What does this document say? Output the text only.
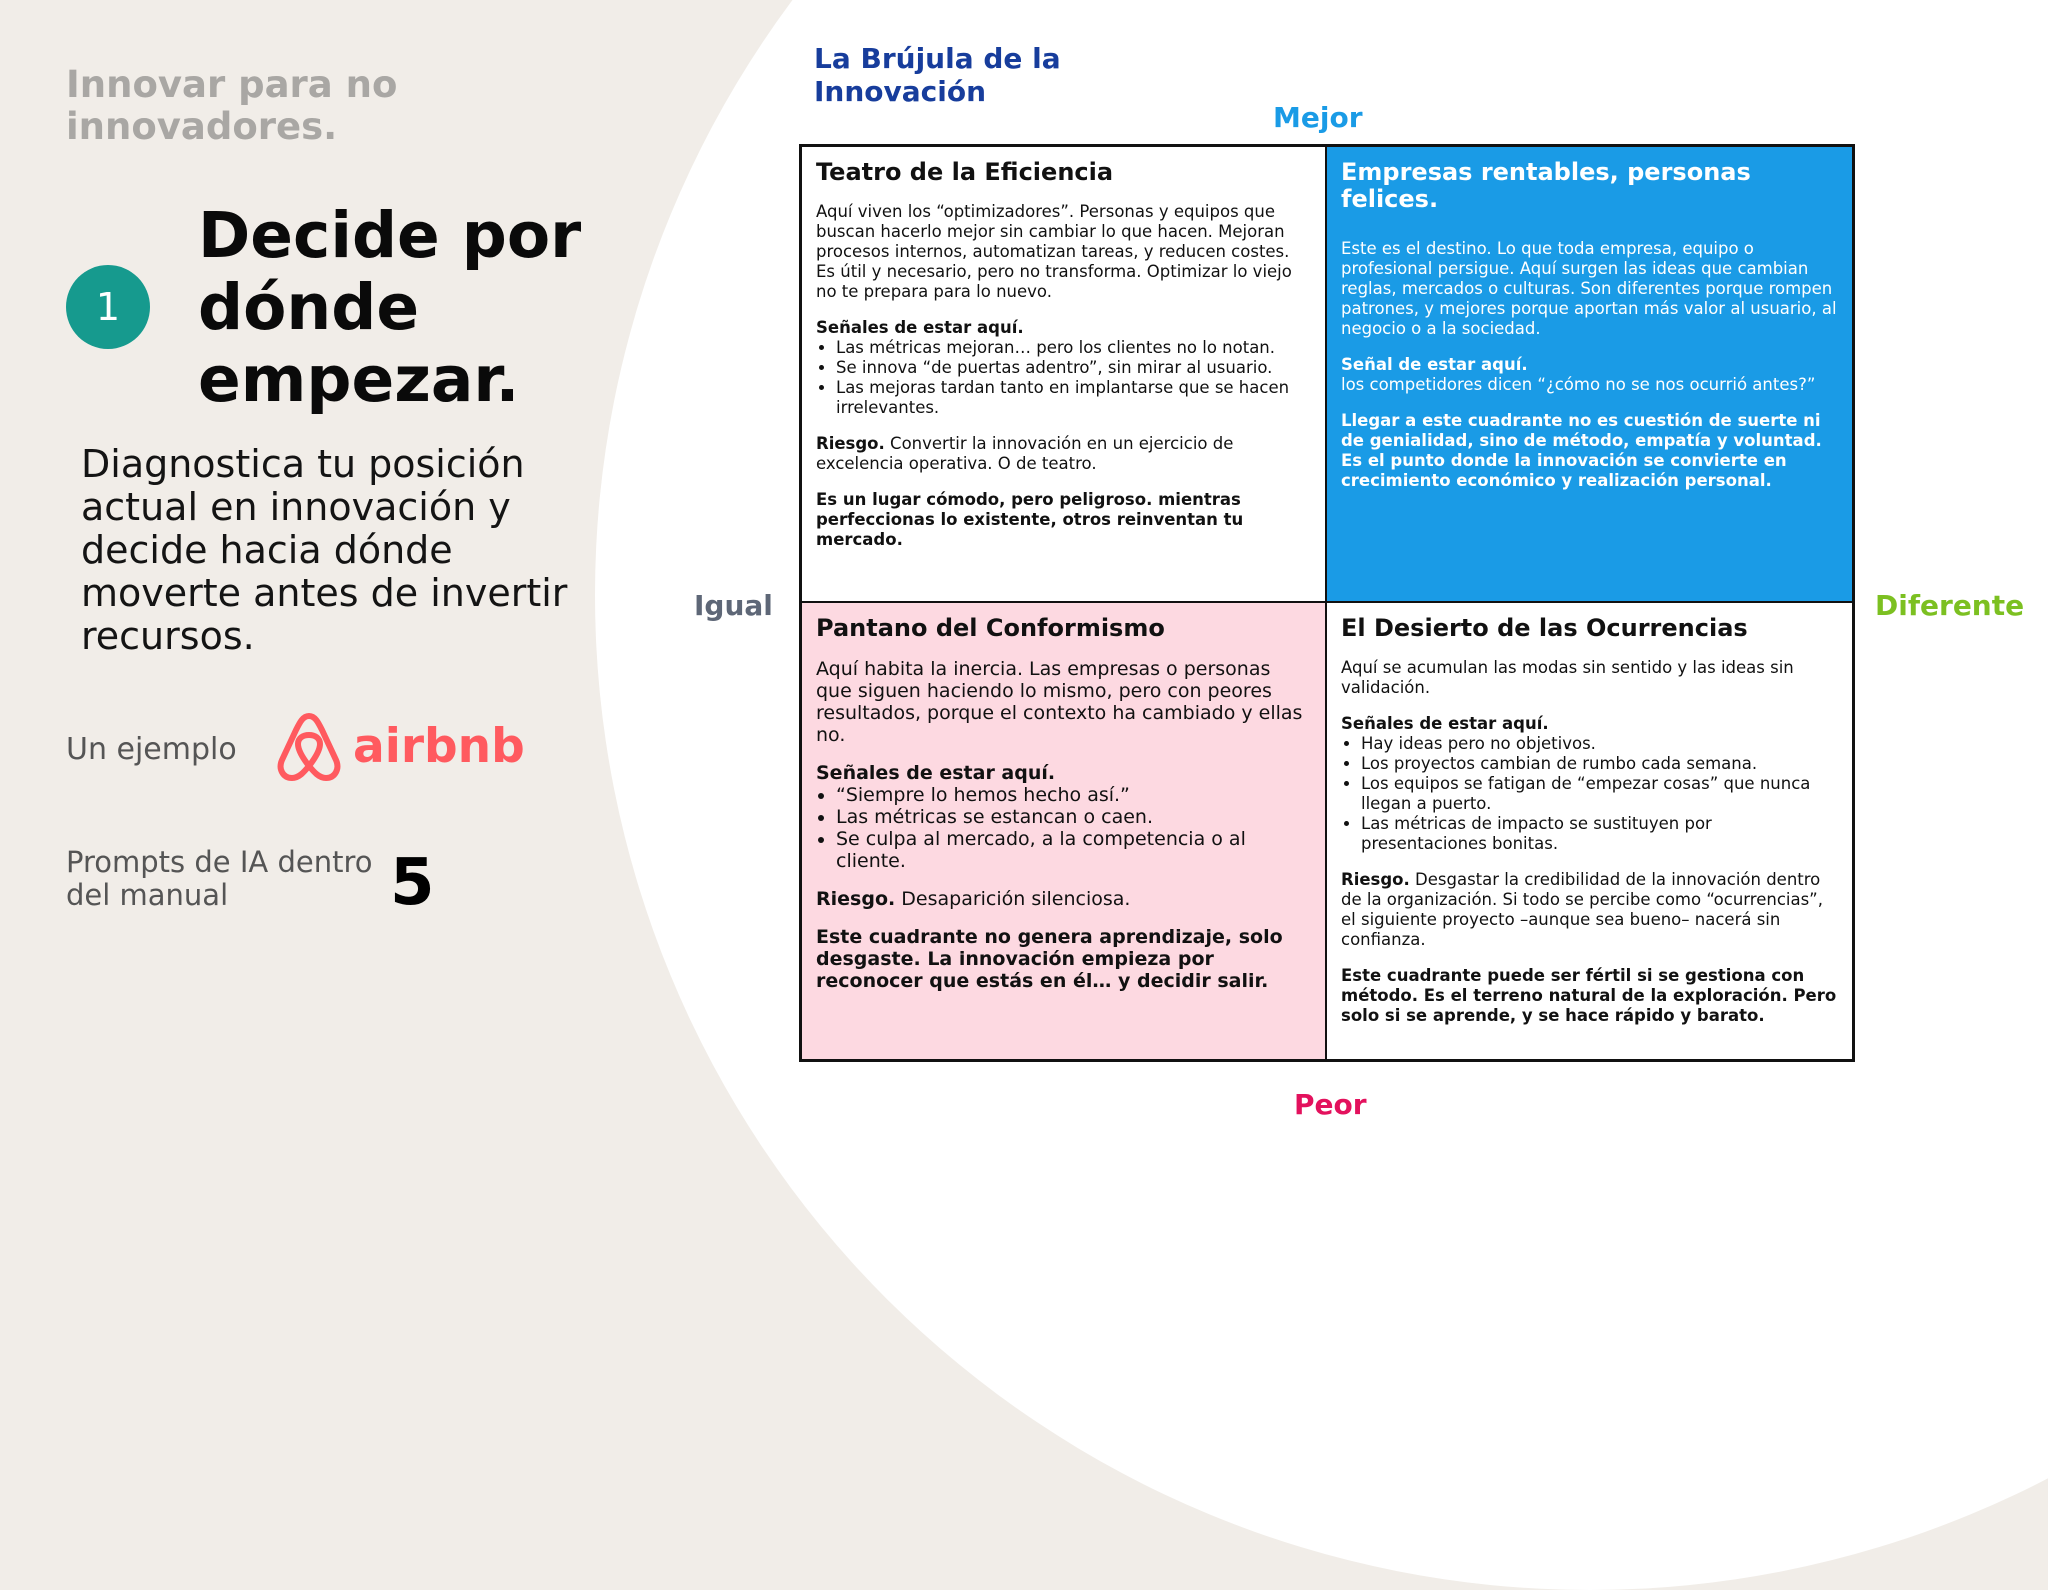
Innovar para no innovadores.
1
Decide por dónde empezar.
Diagnostica tu posición actual en innovación y decide hacia dónde moverte antes de invertir recursos.
Un ejemplo airbnb
Prompts de IA dentro del manual	5
La Brújula de la Innovación
Mejor
Peor
Igual	Diferente
Teatro de la Eficiencia

Aquí viven los “optimizadores”. Personas y equipos que buscan hacerlo mejor sin cambiar lo que hacen. Mejoran procesos internos, automatizan tareas, y reducen costes. Es útil y necesario, pero no transforma. Optimizar lo viejo no te prepara para lo nuevo.

Señales de estar aquí.

• Las métricas mejoran… pero los clientes no lo notan.
• Se innova “de puertas adentro”, sin mirar al usuario.
• Las mejoras tardan tanto en implantarse que se hacen irrelevantes.

Riesgo. Convertir la innovación en un ejercicio de excelencia operativa. O de teatro.

Es un lugar cómodo, pero peligroso. mientras perfeccionas lo existente, otros reinventan tu mercado.

Empresas rentables, personas felices.

Este es el destino. Lo que toda empresa, equipo o profesional persigue. Aquí surgen las ideas que cambian reglas, mercados o culturas. Son diferentes porque rompen patrones, y mejores porque aportan más valor al usuario, al negocio o a la sociedad.

Señal de estar aquí.

los competidores dicen “¿cómo no se nos ocurrió antes?”

Llegar a este cuadrante no es cuestión de suerte ni de genialidad, sino de método, empatía y voluntad. Es el punto donde la innovación se convierte en crecimiento económico y realización personal.

Pantano del Conformismo

Aquí habita la inercia. Las empresas o personas que siguen haciendo lo mismo, pero con peores resultados, porque el contexto ha cambiado y ellas no.

Señales de estar aquí.

• “Siempre lo hemos hecho así.”
• Las métricas se estancan o caen.
• Se culpa al mercado, a la competencia o al cliente.

Riesgo. Desaparición silenciosa.

Este cuadrante no genera aprendizaje, solo desgaste. La innovación empieza por reconocer que estás en él… y decidir salir.

El Desierto de las Ocurrencias

Aquí se acumulan las modas sin sentido y las ideas sin validación.

Señales de estar aquí.

• Hay ideas pero no objetivos.
• Los proyectos cambian de rumbo cada semana.
• Los equipos se fatigan de “empezar cosas” que nunca llegan a puerto.
• Las métricas de impacto se sustituyen por presentaciones bonitas.

Riesgo. Desgastar la credibilidad de la innovación dentro de la organización. Si todo se percibe como “ocurrencias”, el siguiente proyecto –aunque sea bueno– nacerá sin confianza.

Este cuadrante puede ser fértil si se gestiona con método. Es el terreno natural de la exploración. Pero solo si se aprende, y se hace rápido y barato.
